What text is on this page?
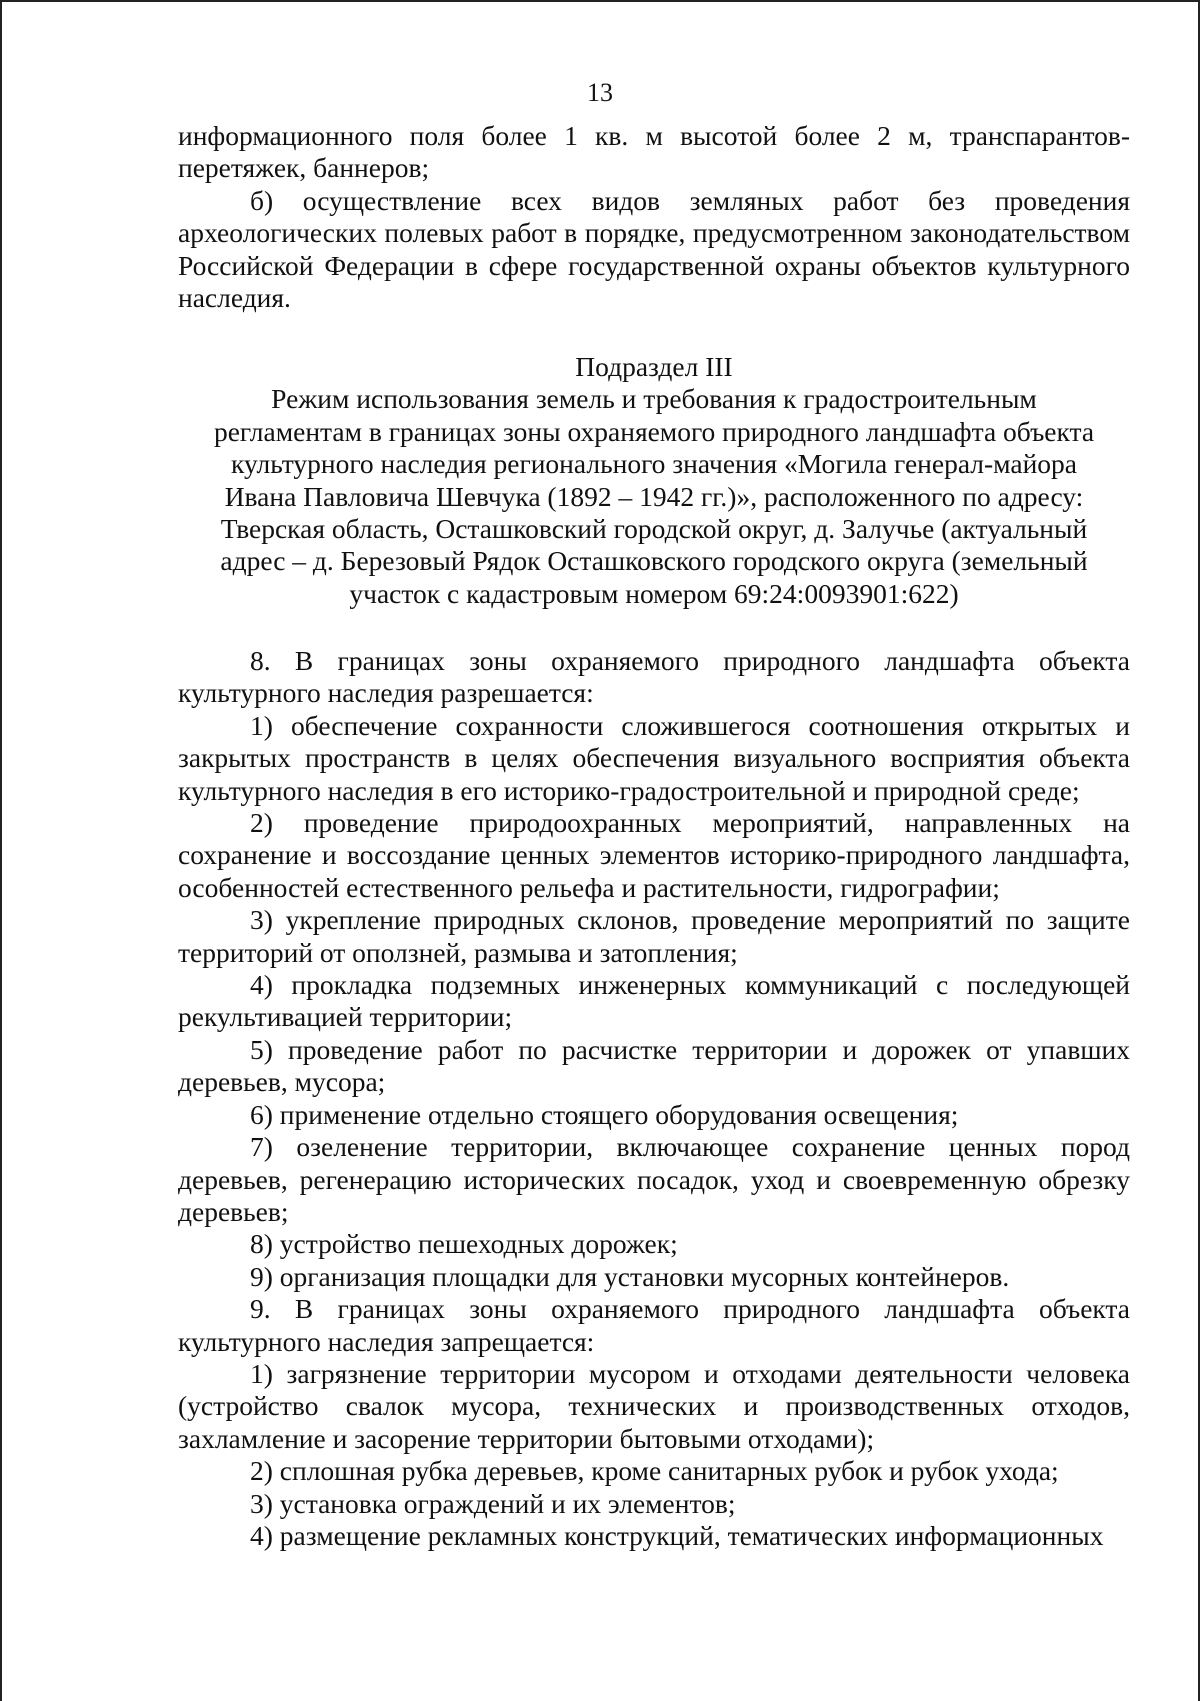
13

информационного поля более 1 кв. м высотой более 2 м, транспарантов-перетяжек, баннеров;

б) осуществление всех видов земляных работ без проведения археологических полевых работ в порядке, предусмотренном законодательством Российской Федерации в сфере государственной охраны объектов культурного наследия.

Подраздел III

Режим использования земель и требования к градостроительным

регламентам в границах зоны охраняемого природного ландшафта объекта

культурного наследия регионального значения «Могила генерал-майора

Ивана Павловича Шевчука (1892 – 1942 гг.)», расположенного по адресу:

Тверская область, Осташковский городской округ, д. Залучье (актуальный

адрес – д. Березовый Рядок Осташковского городского округа (земельный

участок с кадастровым номером 69:24:0093901:622)

8. В границах зоны охраняемого природного ландшафта объекта культурного наследия разрешается:

1) обеспечение сохранности сложившегося соотношения открытых и закрытых пространств в целях обеспечения визуального восприятия объекта культурного наследия в его историко-градостроительной и природной среде;

2) проведение природоохранных мероприятий, направленных на сохранение и воссоздание ценных элементов историко-природного ландшафта, особенностей естественного рельефа и растительности, гидрографии;

3) укрепление природных склонов, проведение мероприятий по защите территорий от оползней, размыва и затопления;

4) прокладка подземных инженерных коммуникаций с последующей рекультивацией территории;

5) проведение работ по расчистке территории и дорожек от упавших деревьев, мусора;

6) применение отдельно стоящего оборудования освещения;

7) озеленение территории, включающее сохранение ценных пород деревьев, регенерацию исторических посадок, уход и своевременную обрезку деревьев;

8) устройство пешеходных дорожек;

9) организация площадки для установки мусорных контейнеров.

9. В границах зоны охраняемого природного ландшафта объекта культурного наследия запрещается:

1) загрязнение территории мусором и отходами деятельности человека (устройство свалок мусора, технических и производственных отходов, захламление и засорение территории бытовыми отходами);

2) сплошная рубка деревьев, кроме санитарных рубок и рубок ухода;

3) установка ограждений и их элементов;

4) размещение рекламных конструкций, тематических информационных
